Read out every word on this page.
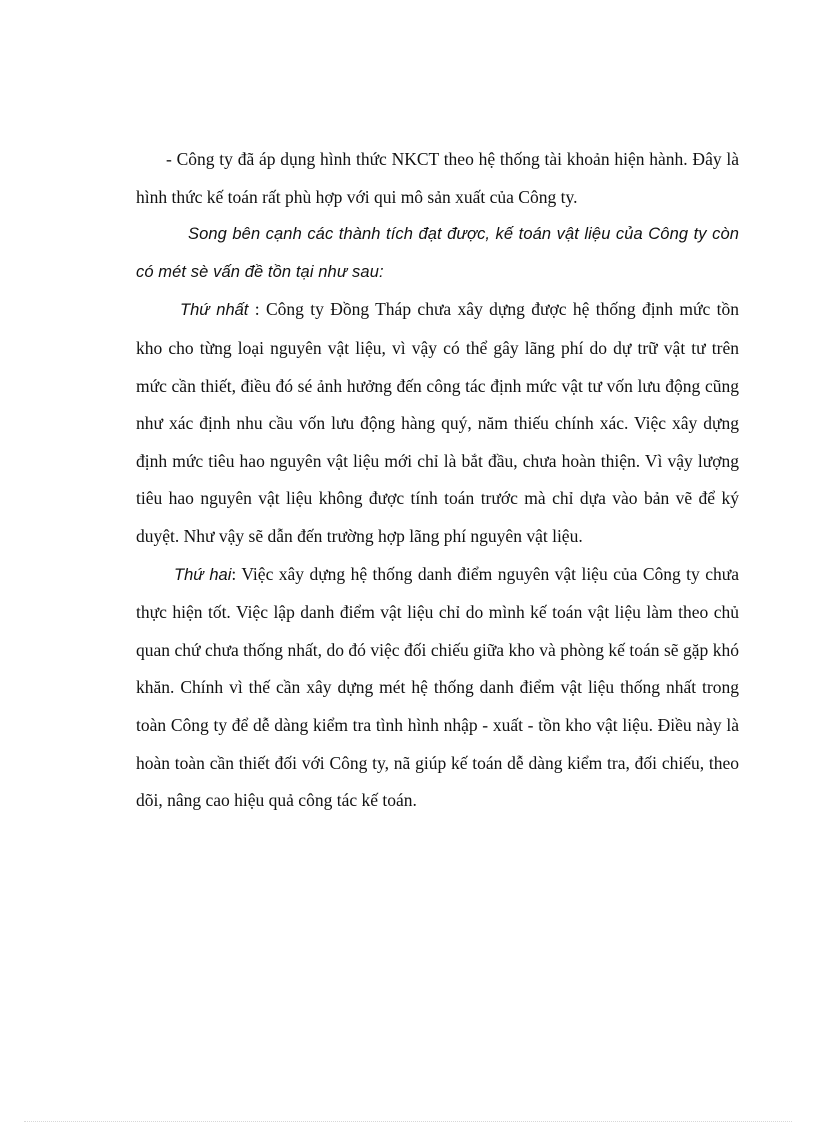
- Công ty đã áp dụng hình thức NKCT theo hệ thống tài khoản hiện hành. Đây là hình thức kế toán rất phù hợp với qui mô sản xuất của Công ty.

Song bên cạnh các thành tích đạt được, kế toán vật liệu của Công ty còn có mét sè vấn đề tồn tại như sau:

Thứ nhất : Công ty Đồng Tháp chưa xây dựng được hệ thống định mức tồn kho cho từng loại nguyên vật liệu, vì vậy có thể gây lãng phí do dự trữ vật tư trên mức cần thiết, điều đó sé ảnh hưởng đến công tác định mức vật tư vốn lưu động cũng như xác định nhu cầu vốn lưu động hàng quý, năm thiếu chính xác. Việc xây dựng định mức tiêu hao nguyên vật liệu mới chỉ là bắt đầu, chưa hoàn thiện. Vì vậy lượng tiêu hao nguyên vật liệu không được tính toán trước mà chỉ dựa vào bản vẽ để ký duyệt. Như vậy sẽ dẫn đến trường hợp lãng phí nguyên vật liệu.

Thứ hai: Việc xây dựng hệ thống danh điểm nguyên vật liệu của Công ty chưa thực hiện tốt. Việc lập danh điểm vật liệu chỉ do mình kế toán vật liệu làm theo chủ quan chứ chưa thống nhất, do đó việc đối chiếu giữa kho và phòng kế toán sẽ gặp khó khăn. Chính vì thế cần xây dựng mét hệ thống danh điểm vật liệu thống nhất trong toàn Công ty để dễ dàng kiểm tra tình hình nhập - xuất - tồn kho vật liệu. Điều này là hoàn toàn cần thiết đối với Công ty, nã giúp kế toán dễ dàng kiểm tra, đối chiếu, theo dõi, nâng cao hiệu quả công tác kế toán.
